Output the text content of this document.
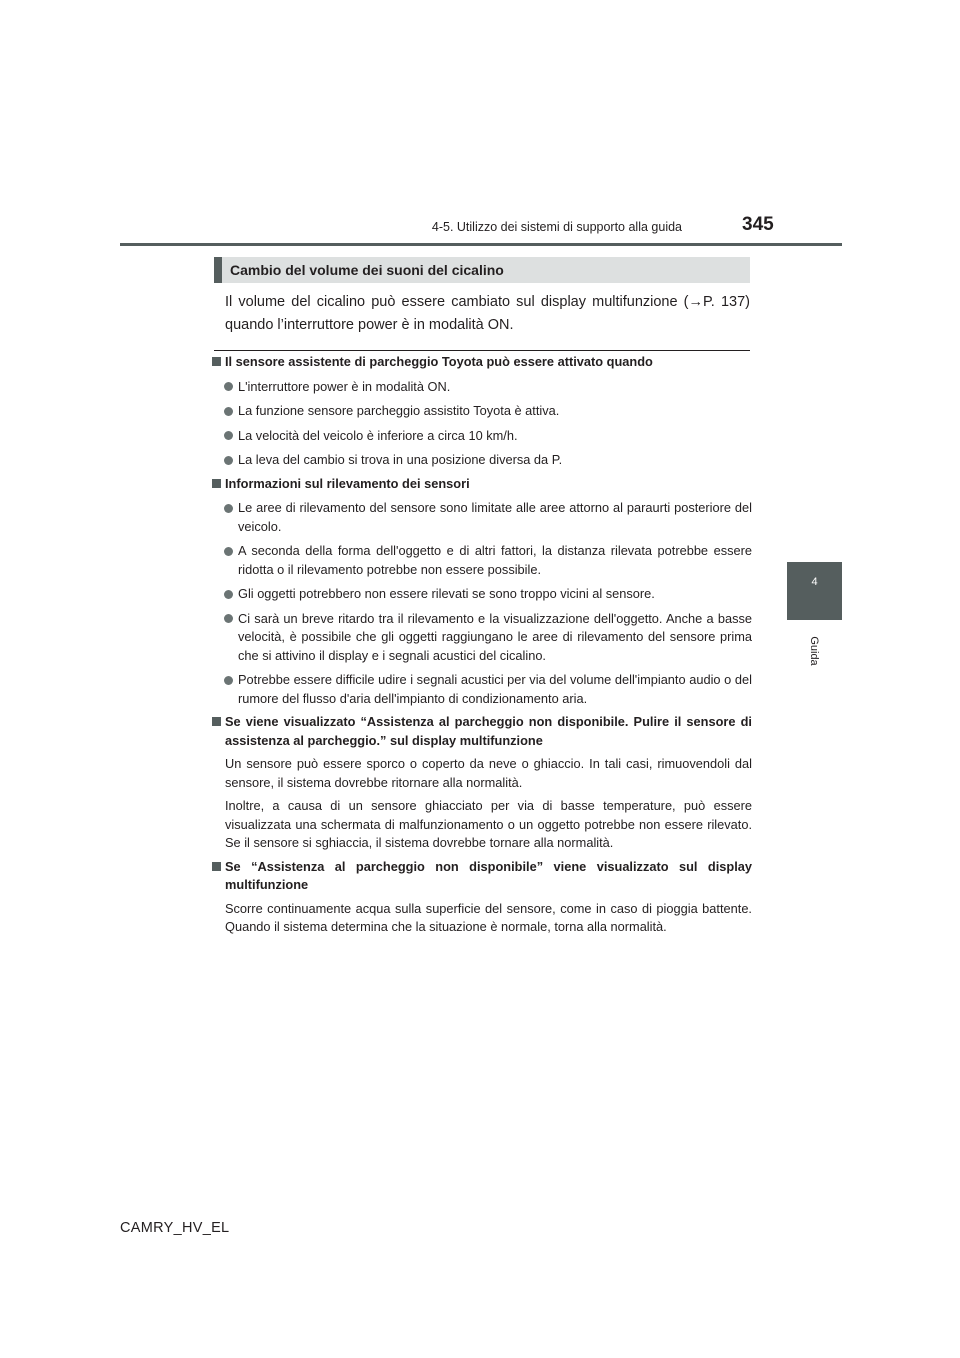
4-5. Utilizzo dei sistemi di supporto alla guida	345
4
Guida
Cambio del volume dei suoni del cicalino
Il volume del cicalino può essere cambiato sul display multifunzione (→P. 137) quando l’interruttore power è in modalità ON.
Il sensore assistente di parcheggio Toyota può essere attivato quando
L'interruttore power è in modalità ON.
La funzione sensore parcheggio assistito Toyota è attiva.
La velocità del veicolo è inferiore a circa 10 km/h.
La leva del cambio si trova in una posizione diversa da P.
Informazioni sul rilevamento dei sensori
Le aree di rilevamento del sensore sono limitate alle aree attorno al paraurti posteriore del veicolo.
A seconda della forma dell'oggetto e di altri fattori, la distanza rilevata potrebbe essere ridotta o il rilevamento potrebbe non essere possibile.
Gli oggetti potrebbero non essere rilevati se sono troppo vicini al sensore.
Ci sarà un breve ritardo tra il rilevamento e la visualizzazione dell'oggetto. Anche a basse velocità, è possibile che gli oggetti raggiungano le aree di rilevamento del sensore prima che si attivino il display e i segnali acustici del cicalino.
Potrebbe essere difficile udire i segnali acustici per via del volume dell'impianto audio o del rumore del flusso d'aria dell'impianto di condizionamento aria.
Se viene visualizzato “Assistenza al parcheggio non disponibile. Pulire il sensore di assistenza al parcheggio.” sul display multifunzione
Un sensore può essere sporco o coperto da neve o ghiaccio. In tali casi, rimuovendoli dal sensore, il sistema dovrebbe ritornare alla normalità.
Inoltre, a causa di un sensore ghiacciato per via di basse temperature, può essere visualizzata una schermata di malfunzionamento o un oggetto potrebbe non essere rilevato. Se il sensore si sghiaccia, il sistema dovrebbe tornare alla normalità.
Se “Assistenza al parcheggio non disponibile” viene visualizzato sul display multifunzione
Scorre continuamente acqua sulla superficie del sensore, come in caso di pioggia battente. Quando il sistema determina che la situazione è normale, torna alla normalità.
CAMRY_HV_EL
